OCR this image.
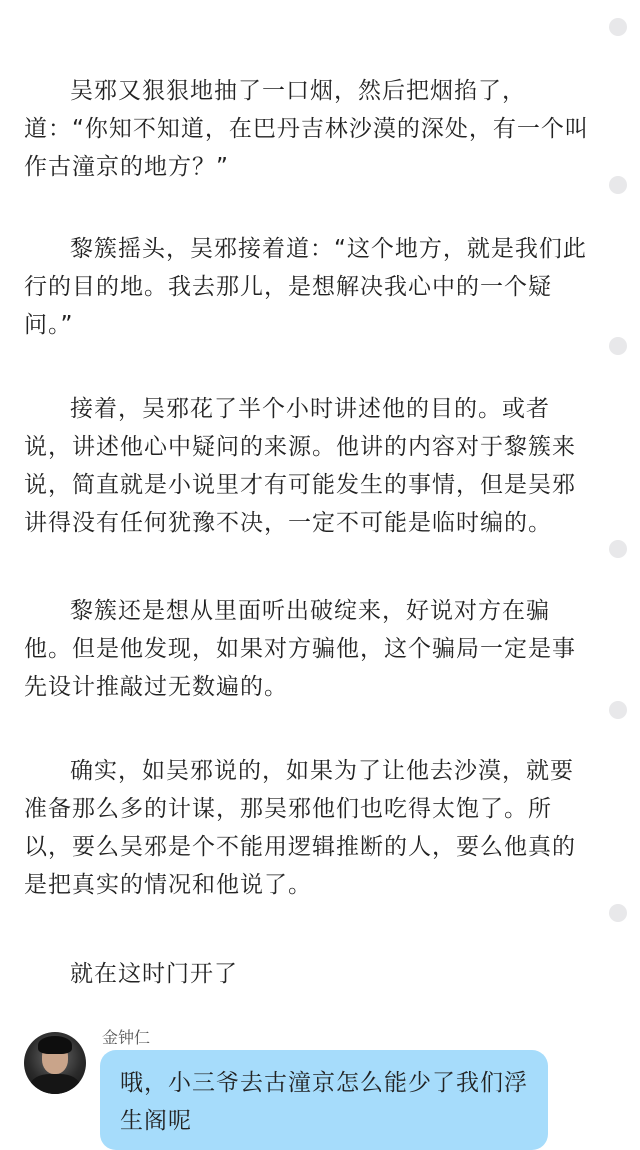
吴邪又狠狠地抽了一口烟，然后把烟掐了，道：“你知不知道，在巴丹吉林沙漠的深处，有一个叫作古潼京的地方？”

黎簇摇头，吴邪接着道：“这个地方，就是我们此行的目的地。我去那儿，是想解决我心中的一个疑问。”

接着，吴邪花了半个小时讲述他的目的。或者说，讲述他心中疑问的来源。他讲的内容对于黎簇来说，简直就是小说里才有可能发生的事情，但是吴邪讲得没有任何犹豫不决，一定不可能是临时编的。

黎簇还是想从里面听出破绽来，好说对方在骗他。但是他发现，如果对方骗他，这个骗局一定是事先设计推敲过无数遍的。

确实，如吴邪说的，如果为了让他去沙漠，就要准备那么多的计谋，那吴邪他们也吃得太饱了。所以，要么吴邪是个不能用逻辑推断的人，要么他真的是把真实的情况和他说了。

就在这时门开了

金钟仁
哦，小三爷去古潼京怎么能少了我们浮生阁呢
